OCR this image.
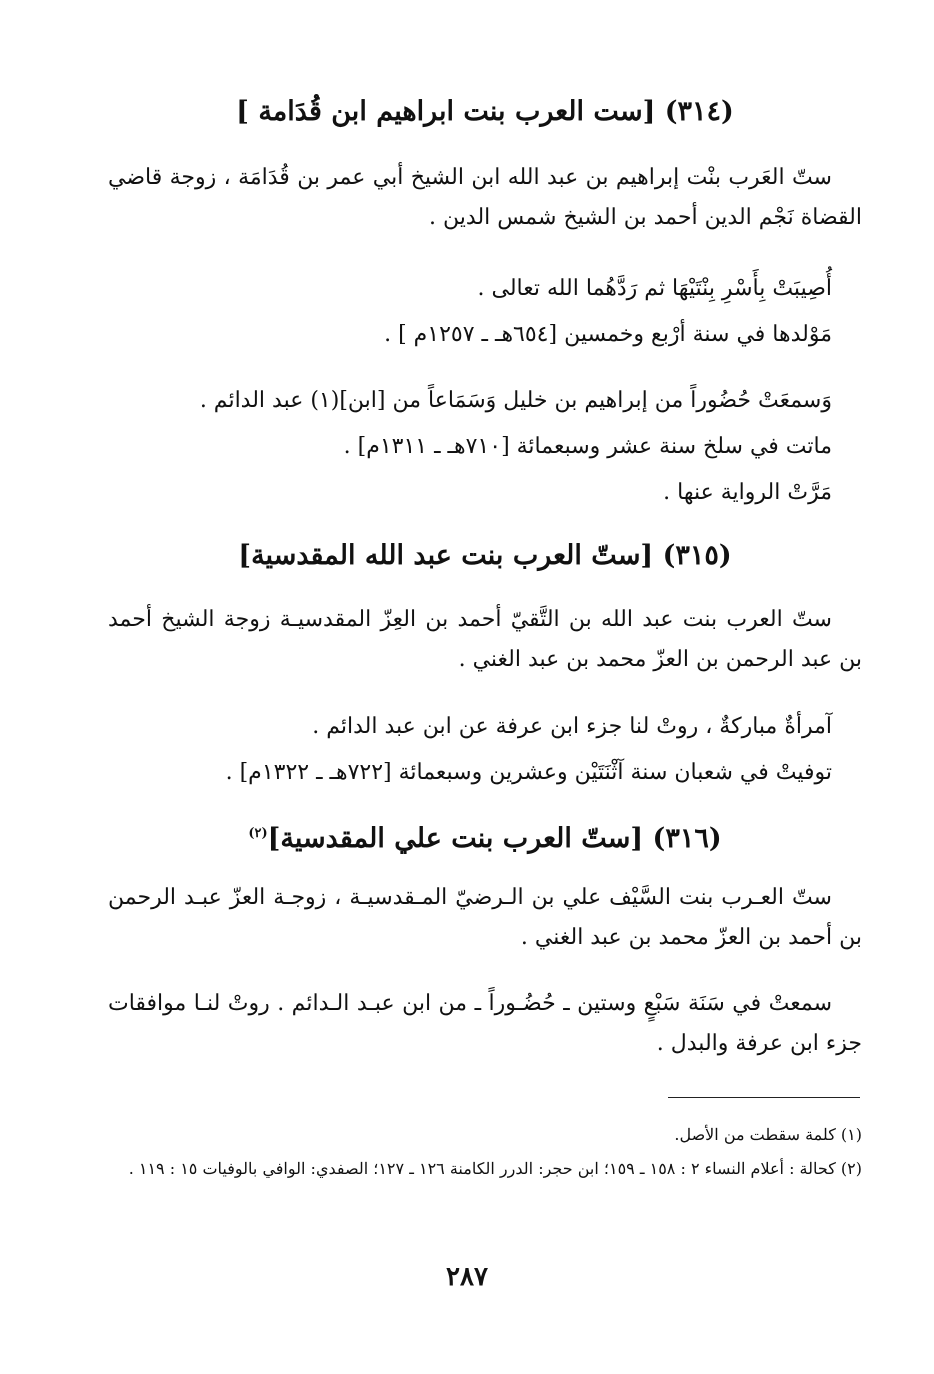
(٣١٤) [ست العرب بنت ابراهيم ابن قُدَامة ]

ستّ العَرب بنْت إبراهيم بن عبد الله ابن الشيخ أبي عمر بن قُدَامَة ، زوجة قاضي القضاة نَجْم الدين أحمد بن الشيخ شمس الدين .

أُصِيبَتْ بِأَسْرِ بِنْتَيْهَا ثم رَدَّهُما الله تعالى .

مَوْلدها في سنة أرْبع وخمسين [٦٥٤هـ ـ ١٢٥٧م ] .

وَسمعَتْ حُضُوراً من إبراهيم بن خليل وَسَمَاعاً من [ابن](١) عبد الدائم .

ماتت في سلخ سنة عشر وسبعمائة [٧١٠هـ ـ ١٣١١م] .

مَرَّتْ الرواية عنها .

(٣١٥) [ستّ العرب بنت عبد الله المقدسية]

ستّ العرب بنت عبد الله بن التَّقيّ أحمد بن العِزّ المقدسيـة زوجة الشيخ أحمد بن عبد الرحمن بن العزّ محمد بن عبد الغني .

آمرأةٌ مباركةٌ ، روتْ لنا جزء ابن عرفة عن ابن عبد الدائم .

توفيتْ في شعبان سنة آثْنَتَيْن وعشرين وسبعمائة [٧٢٢هـ ـ ١٣٢٢م] .

(٣١٦) [ستّ العرب بنت علي المقدسية]$^{(٢)}$

ستّ العـرب بنت السَّيْف علي بن الـرضيّ المـقدسيـة ، زوجـة العزّ عبـد الرحمن بن أحمد بن العزّ محمد بن عبد الغني .

سمعتْ في سَنَة سَبْعٍ وستين ـ حُضُـوراً ـ من ابن عبـد الـدائم . روتْ لنـا موافقات جزء ابن عرفة والبدل .

(١) كلمة سقطت من الأصل.

(٢) كحالة : أعلام النساء ٢ : ١٥٨ ـ ١٥٩؛ ابن حجر: الدرر الكامنة ١٢٦ ـ ١٢٧؛ الصفدي: الوافي بالوفيات ١٥ : ١١٩ .

٢٨٧
